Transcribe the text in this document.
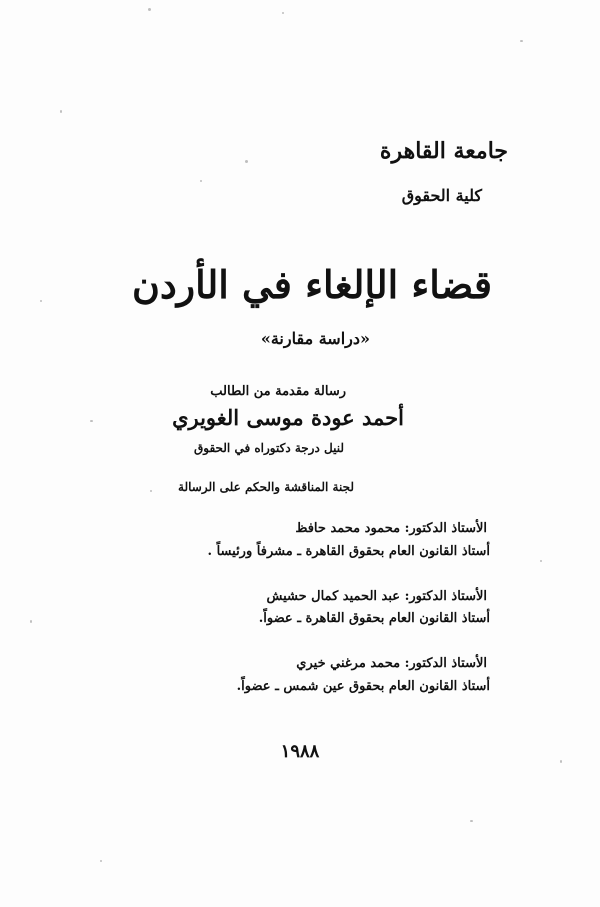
جامعة القاهرة
كلية الحقوق
قضاء الإلغاء في الأردن
«دراسة مقارنة»
رسالة مقدمة من الطالب
أحمد عودة موسى الغويري
لنيل درجة دكتوراه في الحقوق
لجنة المناقشة والحكم على الرسالة
الأستاذ الدكتور: محمود محمد حافظ
أستاذ القانون العام بحقوق القاهرة ـ مشرفاً ورئيساً .
الأستاذ الدكتور: عبد الحميد كمال حشيش
أستاذ القانون العام بحقوق القاهرة ـ عضواً.
الأستاذ الدكتور: محمد مرغني خيري
أستاذ القانون العام بحقوق عين شمس ـ عضواً.
١٩٨٨
